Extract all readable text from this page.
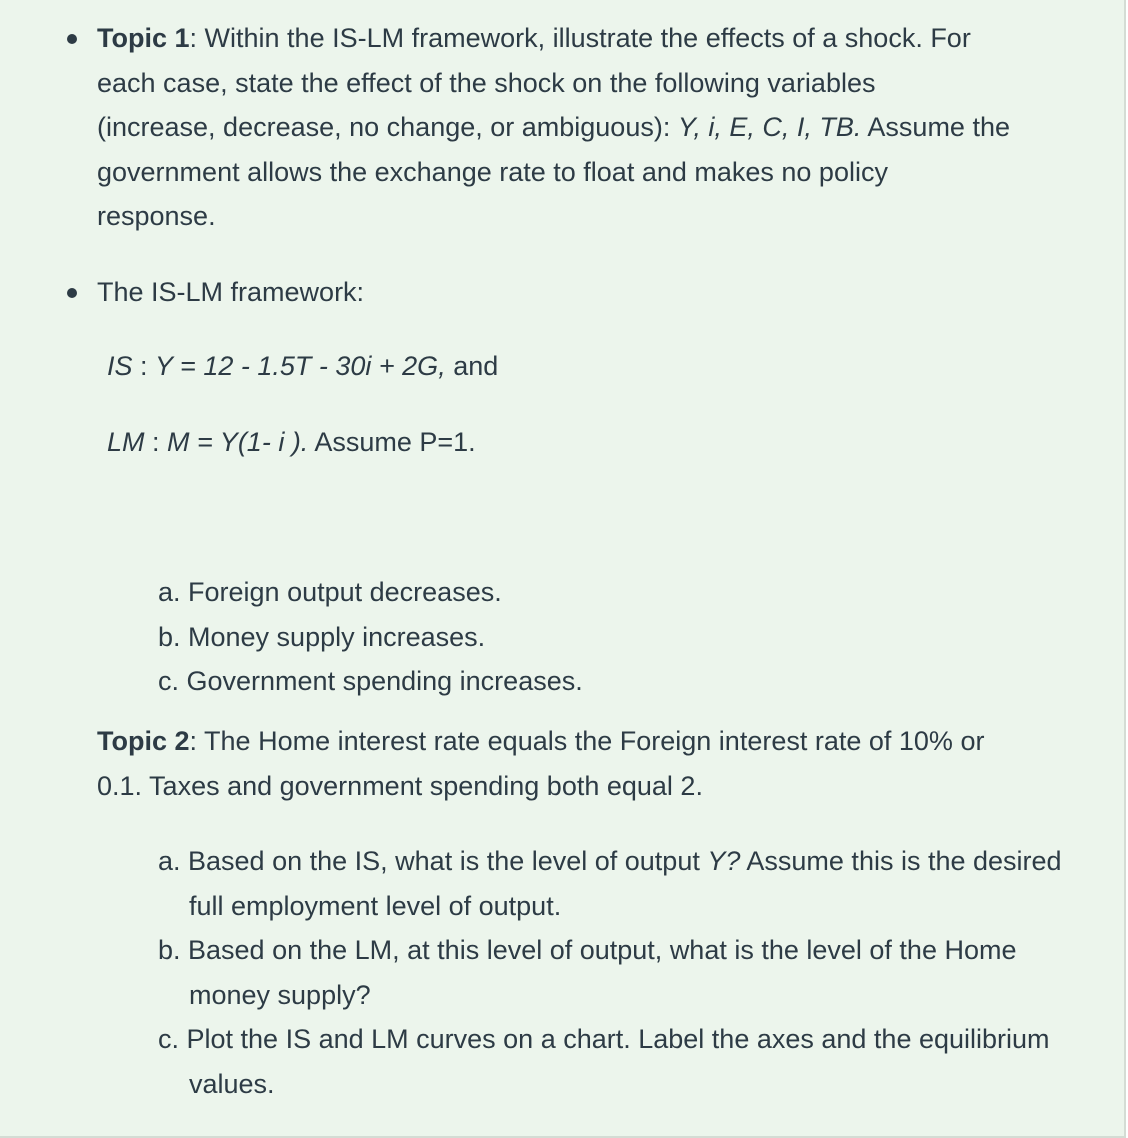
Topic 1: Within the IS-LM framework, illustrate the effects of a shock. For

each case, state the effect of the shock on the following variables

(increase, decrease, no change, or ambiguous): Y, i, E, C, I, TB. Assume the

government allows the exchange rate to float and makes no policy

response.

The IS-LM framework:
IS : Y = 12 - 1.5T - 30i + 2G, and
LM : M = Y(1- i ). Assume P=1.
a. Foreign output decreases.
b. Money supply increases.
c. Government spending increases.

Topic 2: The Home interest rate equals the Foreign interest rate of 10% or

0.1. Taxes and government spending both equal 2.

a. Based on the IS, what is the level of output Y? Assume this is the desired full employment level of output.
b. Based on the LM, at this level of output, what is the level of the Home money supply?
c. Plot the IS and LM curves on a chart. Label the axes and the equilibrium values.
